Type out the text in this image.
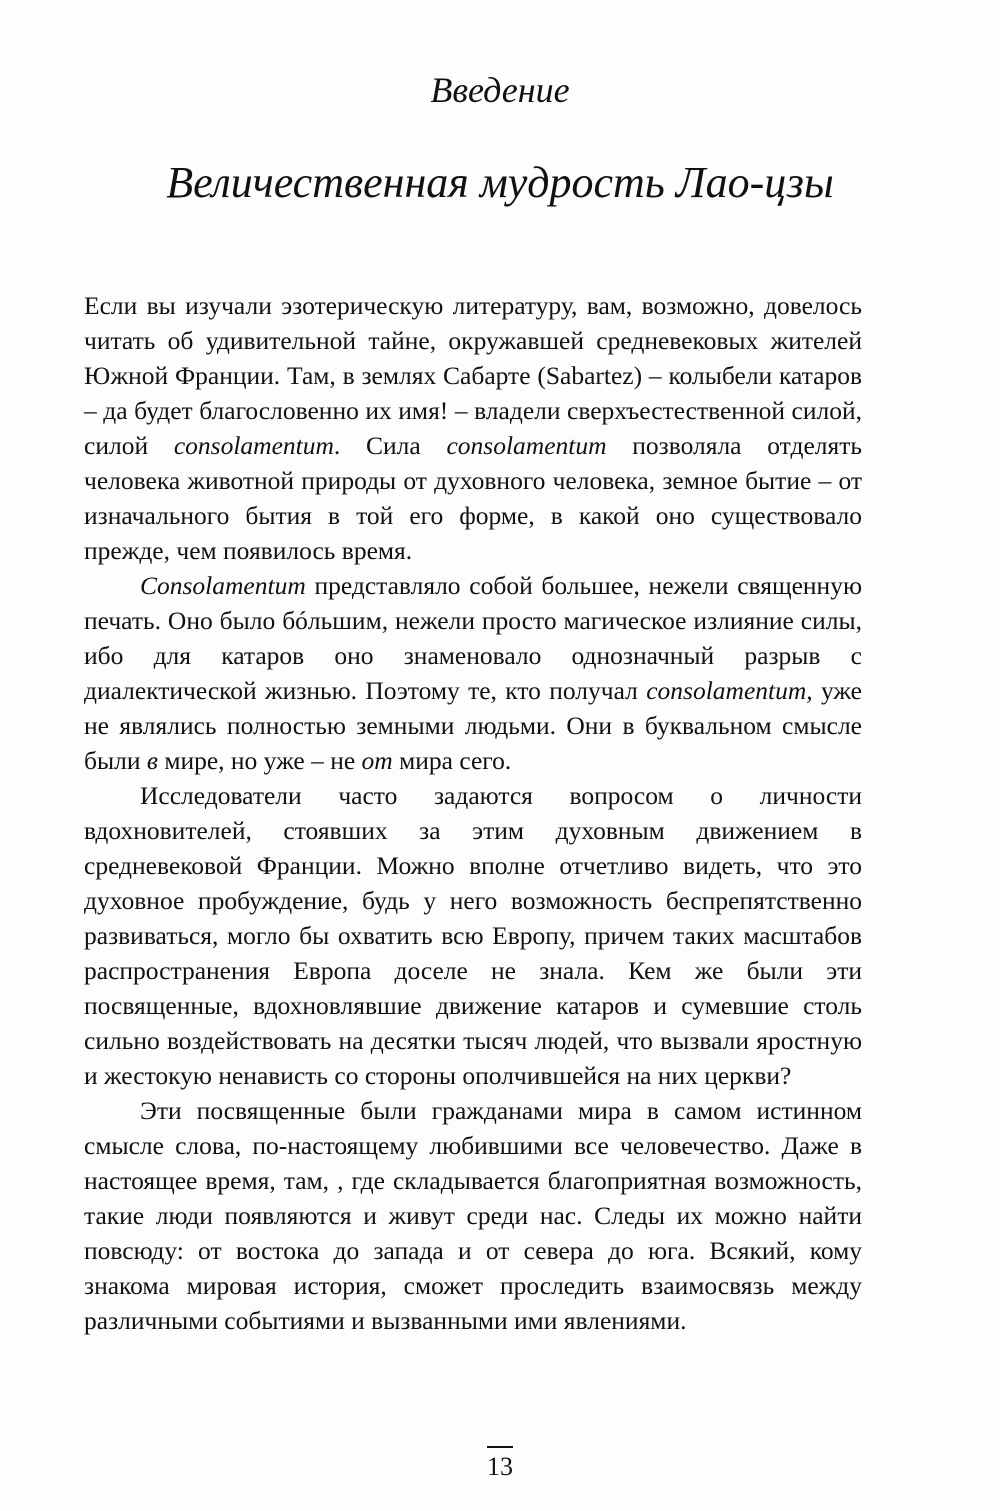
Введение
Величественная мудрость Лао-цзы

Если вы изучали эзотерическую литературу, вам, возможно, довелось читать об удивительной тайне, окружавшей средневековых жителей Южной Франции. Там, в землях Сабарте (Sabartez) – колыбели катаров – да будет благословенно их имя! – владели сверхъестественной силой, силой consolamentum. Сила consolamentum позволяла отделять человека животной природы от духовного человека, земное бытие – от изначального бытия в той его форме, в какой оно существовало прежде, чем появилось время.

Consolamentum представляло собой большее, нежели священную печать. Оно было бóльшим, нежели просто магическое излияние силы, ибо для катаров оно знаменовало однозначный разрыв с диалектической жизнью. Поэтому те, кто получал consolamentum, уже не являлись полностью земными людьми. Они в буквальном смысле были в мире, но уже – не от мира сего.

Исследователи часто задаются вопросом о личности вдохновителей, стоявших за этим духовным движением в средневековой Франции. Можно вполне отчетливо видеть, что это духовное пробуждение, будь у него возможность беспрепятственно развиваться, могло бы охватить всю Европу, причем таких масштабов распространения Европа доселе не знала. Кем же были эти посвященные, вдохновлявшие движение катаров и сумевшие столь сильно воздействовать на десятки тысяч людей, что вызвали яростную и жестокую ненависть со стороны ополчившейся на них церкви?

Эти посвященные были гражданами мира в самом истинном смысле слова, по-настоящему любившими все человечество. Даже в настоящее время, там, , где складывается благоприятная возможность, такие люди появляются и живут среди нас. Следы их можно найти повсюду: от востока до запада и от севера до юга. Всякий, кому знакома мировая история, сможет проследить взаимосвязь между различными событиями и вызванными ими явлениями.

13
